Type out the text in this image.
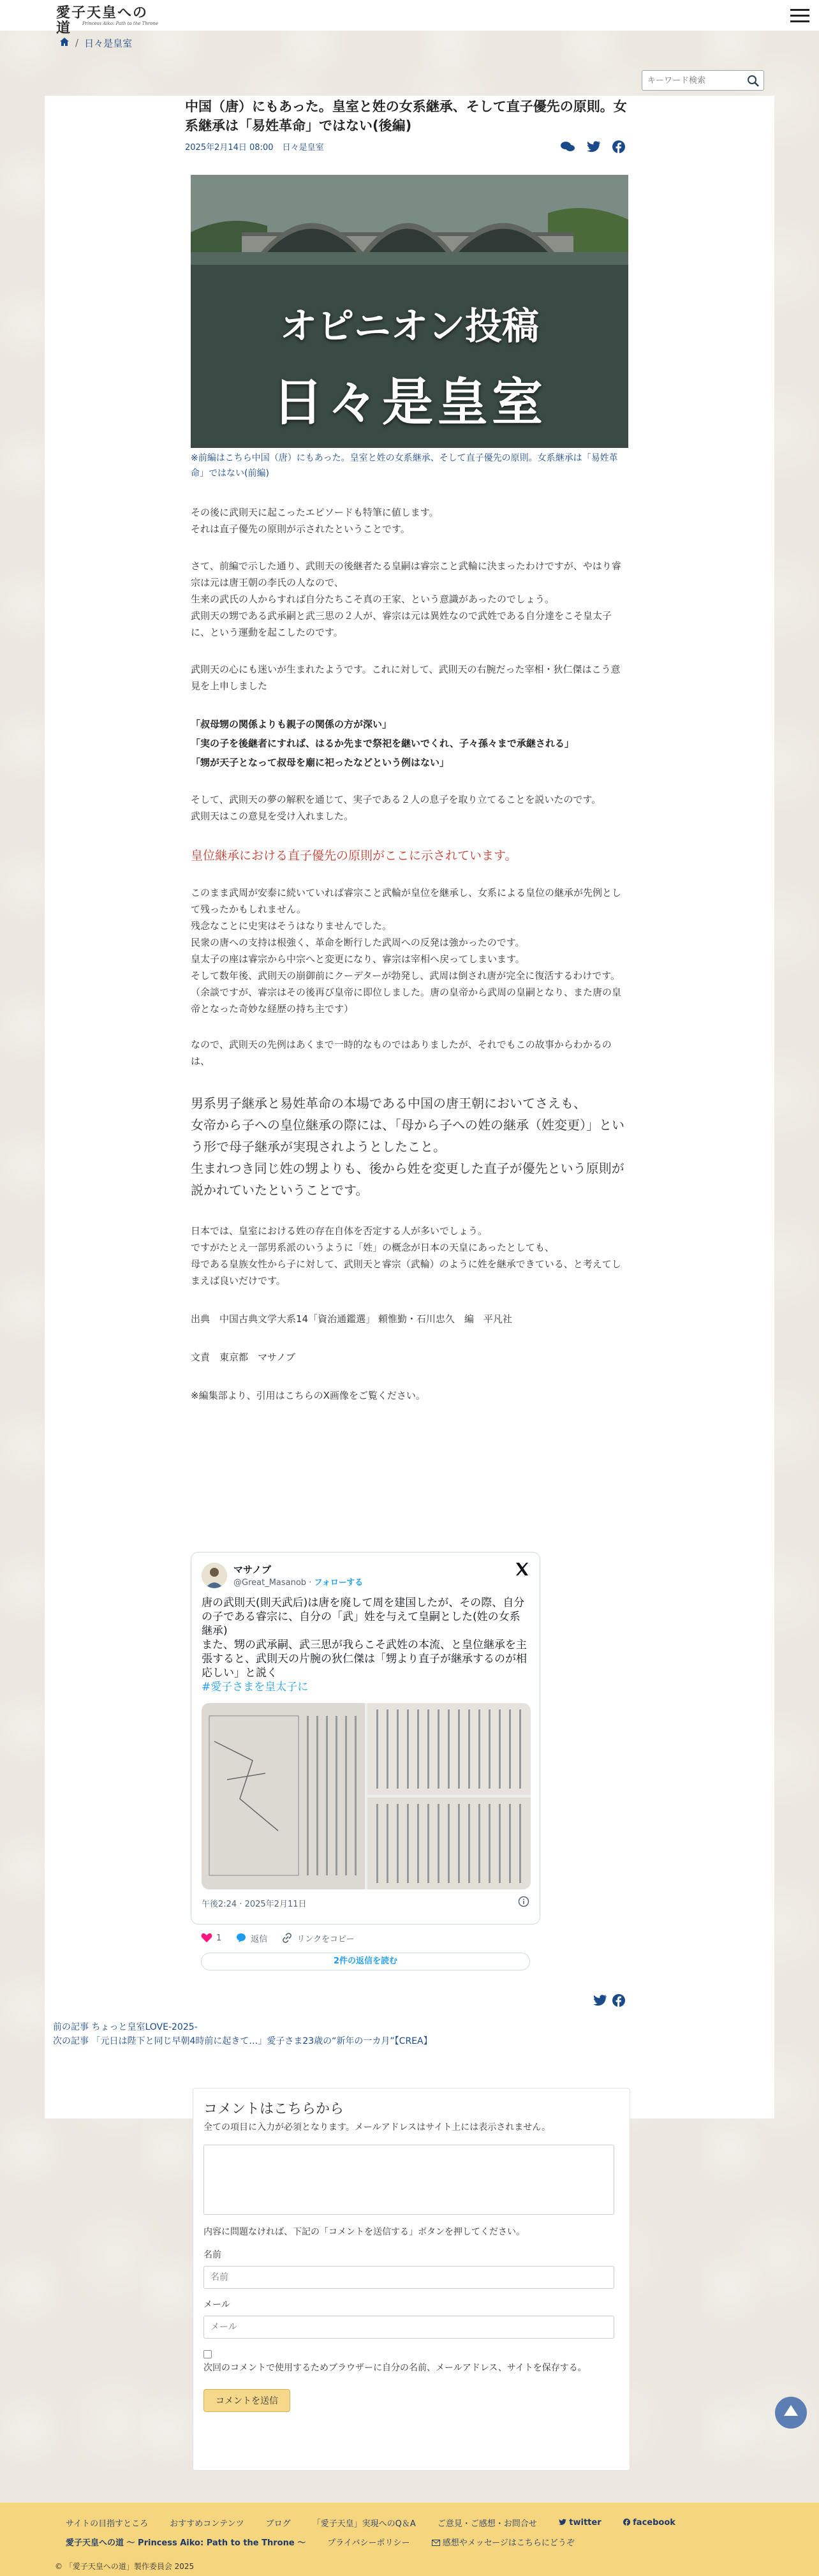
愛子天皇への道	Princess Aiko: Path to the Throne
/ 日々是皇室
キーワード検索
中国（唐）にもあった。皇室と姓の女系継承、そして直子優先の原則。女系継承は「易姓革命」ではない(後編)
2025年2月14日 08:00 日々是皇室
オピニオン投稿
日々是皇室

※前編はこちら中国（唐）にもあった。皇室と姓の女系継承、そして直子優先の原則。女系継承は「易姓革命」ではない(前編)

その後に武則天に起こったエピソードも特筆に値します。

それは直子優先の原則が示されたということです。

さて、前編で示した通り、武則天の後継者たる皇嗣は睿宗こと武輪に決まったわけですが、やはり睿宗は元は唐王朝の李氏の人なので、

生来の武氏の人からすれば自分たちこそ真の王家、という意識があったのでしょう。

武則天の甥である武承嗣と武三思の２人が、睿宗は元は異姓なので武姓である自分達をこそ皇太子に、という運動を起こしたのです。

武則天の心にも迷いが生まれたようです。これに対して、武則天の右腕だった宰相・狄仁傑はこう意見を上申しました

「叔母甥の関係よりも親子の関係の方が深い」

「実の子を後継者にすれば、はるか先まで祭祀を継いでくれ、子々孫々まで承継される」

「甥が天子となって叔母を廟に祀ったなどという例はない」

そして、武則天の夢の解釈を通じて、実子である２人の息子を取り立てることを説いたのです。

武則天はこの意見を受け入れました。

皇位継承における直子優先の原則がここに示されています。

このまま武周が安泰に続いていれば睿宗こと武輪が皇位を継承し、女系による皇位の継承が先例として残ったかもしれません。

残念なことに史実はそうはなりませんでした。

民衆の唐への支持は根強く、革命を断行した武周への反発は強かったのです。

皇太子の座は睿宗から中宗へと変更になり、睿宗は宰相へ戻ってしまいます。

そして数年後、武則天の崩御前にクーデターが勃発し、武周は倒され唐が完全に復活するわけです。

（余談ですが、睿宗はその後再び皇帝に即位しました。唐の皇帝から武周の皇嗣となり、また唐の皇帝となった奇妙な経歴の持ち主です）

なので、武則天の先例はあくまで一時的なものではありましたが、それでもこの故事からわかるのは、

男系男子継承と易姓革命の本場である中国の唐王朝においてさえも、

女帝から子への皇位継承の際には、「母から子への姓の継承（姓変更）」という形で母子継承が実現されようとしたこと。

生まれつき同じ姓の甥よりも、後から姓を変更した直子が優先という原則が説かれていたということです。

日本では、皇室における姓の存在自体を否定する人が多いでしょう。

ですがたとえ一部男系派のいうように「姓」の概念が日本の天皇にあったとしても、

母である皇族女性から子に対して、武則天と睿宗（武輪）のように姓を継承できている、と考えてしまえば良いだけです。

出典　中国古典文学大系14「資治通鑑選」 頼惟勤・石川忠久　編　平凡社

文責　東京都　マサノブ

※編集部より、引用はこちらのX画像をご覧ください。

マサノブ
@Great_Masanob · フォローする
唐の武則天(則天武后)は唐を廃して周を建国したが、その際、自分の子である睿宗に、自分の「武」姓を与えて皇嗣とした(姓の女系継承)
また、甥の武承嗣、武三思が我らこそ武姓の本流、と皇位継承を主張すると、武則天の片腕の狄仁傑は「甥より直子が継承するのが相応しい」と説く
#愛子さまを皇太子に
午後2:24 · 2025年2月11日
1	返信	リンクをコピー
2件の返信を読む
前の記事 ちょっと皇室LOVE-2025-
次の記事 「元日は陛下と同じ早朝4時前に起きて…」愛子さま23歳の“新年の一カ月”【CREA】
コメントはこちらから
全ての項目に入力が必須となります。メールアドレスはサイト上には表示されません。
内容に問題なければ、下記の「コメントを送信する」ボタンを押してください。
名前
名前
メール
メール
次回のコメントで使用するためブラウザーに自分の名前、メールアドレス、サイトを保存する。
コメントを送信
サイトの目指すところ	おすすめコンテンツ	ブログ	「愛子天皇」実現へのQ＆A	ご意見・ご感想・お問合せ	twitter	facebook
愛子天皇への道 ～ Princess Aiko: Path to the Throne ～	プライバシーポリシー	感想やメッセージはこちらにどうぞ
© 「愛子天皇への道」製作委員会 2025
